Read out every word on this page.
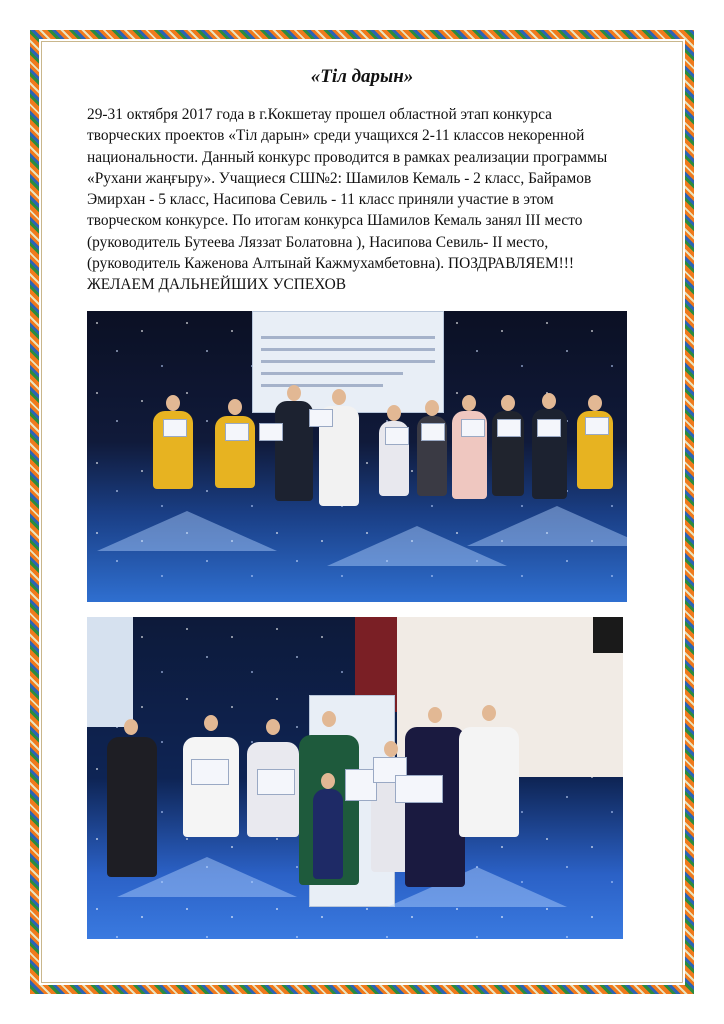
«Тіл дарын»

29-31 октября 2017 года в г.Кокшетау прошел областной этап конкурса
творческих проектов «Тіл дарын» среди учащихся 2-11 классов некоренной
национальности. Данный конкурс проводится в рамках реализации программы
«Рухани жаңғыру». Учащиеся СШ№2: Шамилов Кемаль - 2 класс, Байрамов
Эмирхан - 5 класс, Насипова Севиль - 11 класс приняли участие в этом
творческом конкурсе. По итогам конкурса Шамилов Кемаль занял III место
(руководитель Бутеева Ляззат Болатовна ), Насипова Севиль- II место,
(руководитель Каженова Алтынай Кажмухамбетовна). ПОЗДРАВЛЯЕМ!!!
ЖЕЛАЕМ ДАЛЬНЕЙШИХ УСПЕХОВ
